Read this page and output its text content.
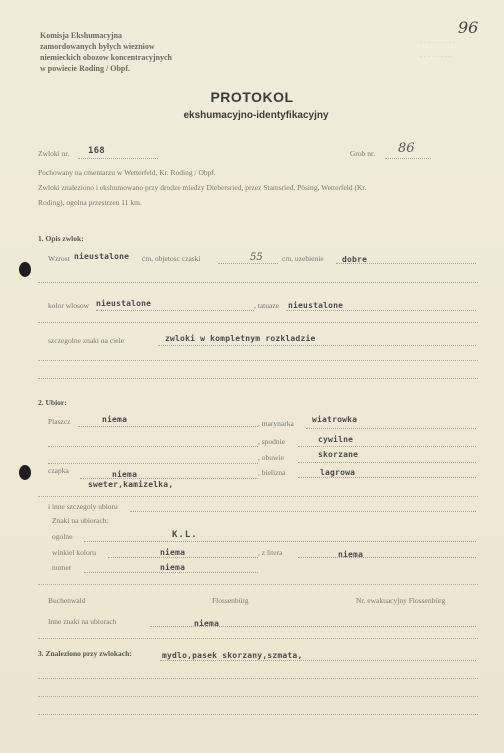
- - - - - - - - -
- - - - - - - -
96
Komisja Ekshumacyjna
zamordowanych byłych wiezniow
niemieckich obozow koncentracyjnych
w powiecie Roding / Obpf.
PROTOKOL
ekshumacyjno-identyfikacyjny
Zwloki nr. 168	Grob nr. 86
Pochowany na cmentarzu w Wetterfeld, Kr. Roding / Obpf.
Zwloki znaleziono i ekshumowano przy drodze miedzy Diebersried, przez Stamsried, Pösing, Wetterfeld (Kr.
Roding), ogolna przestrzen 11 km.
1. Opis zwlok:
Wzrost nieustalone cm, objetosc czaski	55	cm, uzebienie dobre
kolor wlosow nieustalone	, tatuaze nieustalone
szczegolne znaki na ciele	zwloki w kompletnym rozkladzie
2. Ubior:
Plaszcz	niema	, marynarka wiatrowka
, spodnie	cywilne
, obuwie	skorzane
czapka	niema
sweter,kamizelka,
, bielizna	lagrowa
i inne szczegoly ubioru
Znaki na ubiorach:
ogolne	K.L.
winkiel koloru	niema	, z litera	niema
numer	niema
Buchenwald	Flossenbürg	Nr. ewakuacyjny Flossenbürg
Inne znaki na ubiorach	niema
3. Znaleziono przy zwlokach:	mydlo,pasek skorzany,szmata,
